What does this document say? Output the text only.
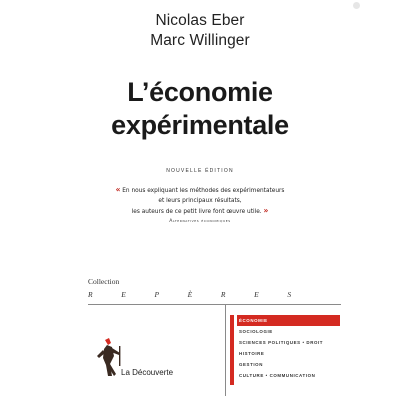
Nicolas Eber
Marc Willinger
L’économie
expérimentale
NOUVELLE ÉDITION
« En nous expliquant les méthodes des expérimentateurs
et leurs principaux résultats,
les auteurs de ce petit livre font œuvre utile. »
Alternatives économiques
Collection
R E P È R E S
La Découverte
ÉCONOMIE
SOCIOLOGIE
SCIENCES POLITIQUES • DROIT
HISTOIRE
GESTION
CULTURE • COMMUNICATION
